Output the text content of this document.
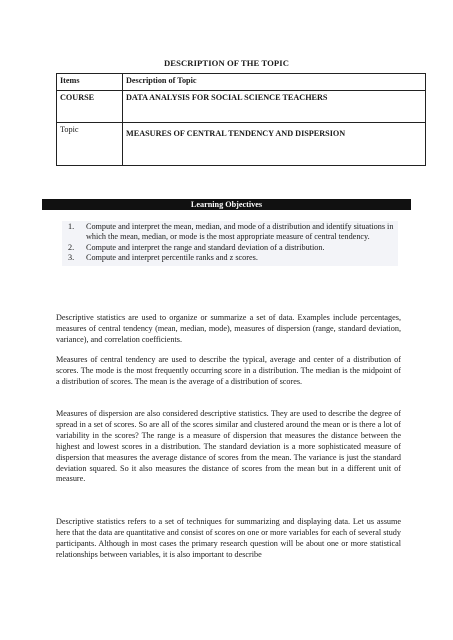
DESCRIPTION OF THE TOPIC
Items	Description of Topic
COURSE	DATA ANALYSIS FOR SOCIAL SCIENCE TEACHERS
Topic	MEASURES OF CENTRAL TENDENCY AND DISPERSION
Learning Objectives
1.	Compute and interpret the mean, median, and mode of a distribution and identify situations in which the mean, median, or mode is the most appropriate measure of central tendency.
2.	Compute and interpret the range and standard deviation of a distribution.
3.	Compute and interpret percentile ranks and z scores.

Descriptive statistics are used to organize or summarize a set of data. Examples include percentages, measures of central tendency (mean, median, mode), measures of dispersion (range, standard deviation, variance), and correlation coefficients.

Measures of central tendency are used to describe the typical, average and center of a distribution of scores. The mode is the most frequently occurring score in a distribution. The median is the midpoint of a distribution of scores. The mean is the average of a distribution of scores.

Measures of dispersion are also considered descriptive statistics. They are used to describe the degree of spread in a set of scores. So are all of the scores similar and clustered around the mean or is there a lot of variability in the scores? The range is a measure of dispersion that measures the distance between the highest and lowest scores in a distribution. The standard deviation is a more sophisticated measure of dispersion that measures the average distance of scores from the mean. The variance is just the standard deviation squared. So it also measures the distance of scores from the mean but in a different unit of measure.

Descriptive statistics refers to a set of techniques for summarizing and displaying data. Let us assume here that the data are quantitative and consist of scores on one or more variables for each of several study participants. Although in most cases the primary research question will be about one or more statistical relationships between variables, it is also important to describe
